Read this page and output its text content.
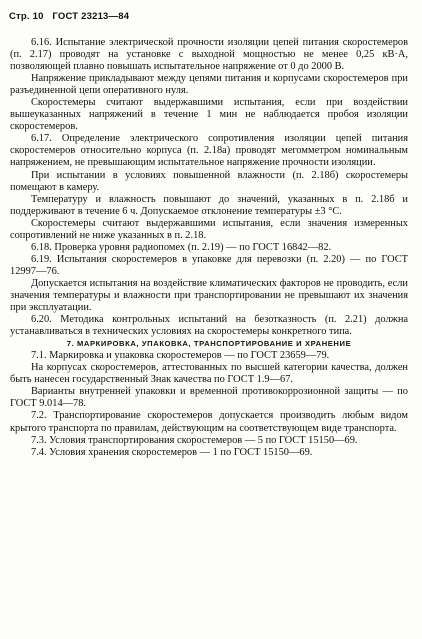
Стр. 10 ГОСТ 23213—84

6.16. Испытание электрической прочности изоляции цепей питания скоростемеров (п. 2.17) проводят на установке с выходной мощностью не менее 0,25 кВ·А, позволяющей плавно повышать испытательное напряжение от 0 до 2000 В.

Напряжение прикладывают между цепями питания и корпусами скоростемеров при разъединенной цепи оперативного нуля.

Скоростемеры считают выдержавшими испытания, если при воздействии вышеуказанных напряжений в течение 1 мин не наблюдается пробоя изоляции скоростемеров.

6.17. Определение электрического сопротивления изоляции цепей питания скоростемеров относительно корпуса (п. 2.18а) проводят мегомметром номинальным напряжением, не превышающим испытательное напряжение прочности изоляции.

При испытании в условиях повышенной влажности (п. 2.18б) скоростемеры помещают в камеру.

Температуру и влажность повышают до значений, указанных в п. 2.18б и поддерживают в течение 6 ч. Допускаемое отклонение температуры ±3 °С.

Скоростемеры считают выдержавшими испытания, если значения измеренных сопротивлений не ниже указанных в п. 2.18.

6.18. Проверка уровня радиопомех (п. 2.19) — по ГОСТ 16842—82.

6.19. Испытания скоростемеров в упаковке для перевозки (п. 2.20) — по ГОСТ 12997—76.

Допускается испытания на воздействие климатических факторов не проводить, если значения температуры и влажности при транспортировании не превышают их значения при эксплуатации.

6.20. Методика контрольных испытаний на безотказность (п. 2.21) должна устанавливаться в технических условиях на скоростемеры конкретного типа.

7. МАРКИРОВКА, УПАКОВКА, ТРАНСПОРТИРОВАНИЕ И ХРАНЕНИЕ

7.1. Маркировка и упаковка скоростемеров — по ГОСТ 23659—79.

На корпусах скоростемеров, аттестованных по высшей категории качества, должен быть нанесен государственный Знак качества по ГОСТ 1.9—67.

Варианты внутренней упаковки и временной противокоррозионной защиты — по ГОСТ 9.014—78.

7.2. Транспортирование скоростемеров допускается производить любым видом крытого транспорта по правилам, действующим на соответствующем виде транспорта.

7.3. Условия транспортирования скоростемеров — 5 по ГОСТ 15150—69.

7.4. Условия хранения скоростемеров — 1 по ГОСТ 15150—69.
